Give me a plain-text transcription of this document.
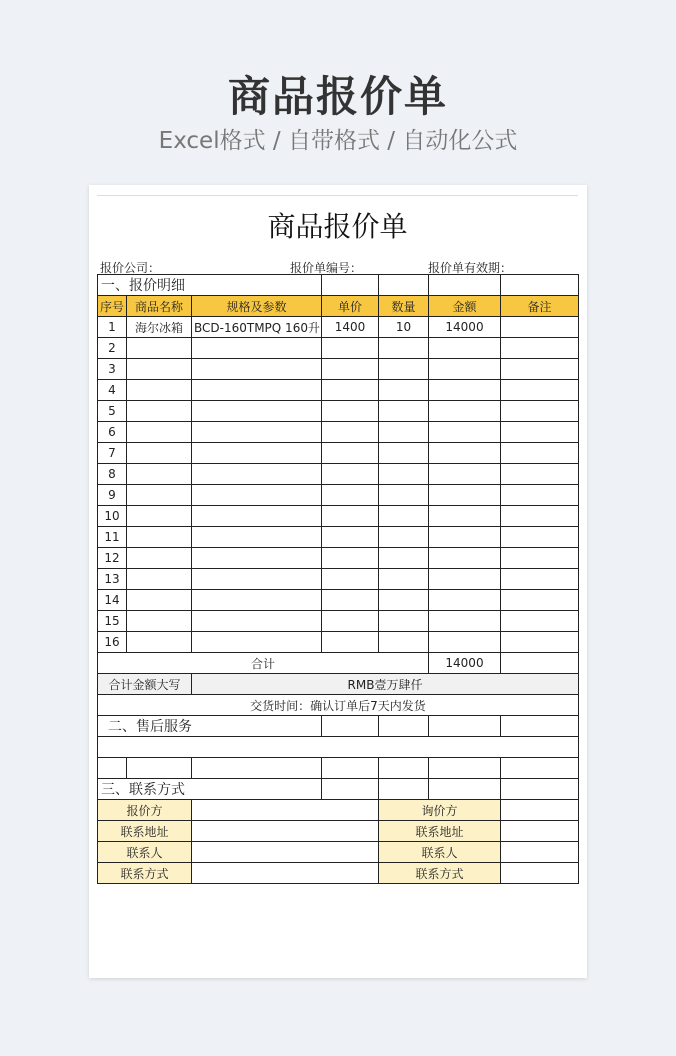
商品报价单
Excel格式 / 自带格式 / 自动化公式
商品报价单
报价公司：	报价单编号：	报价单有效期：
一、报价明细						
序号	商品名称	规格及参数	单价	数量	金额	备注
1	海尔冰箱	BCD-160TMPQ 160升	1400	10	14000	
2						
3						
4						
5						
6						
7						
8						
9						
10						
11						
12						
13						
14						
15						
16						
合计					14000	
合计金额大写		RMB壹万肆仟				
交货时间：确认订单后7天内发货						
二、售后服务						

三、联系方式						
报价方				询价方		
联系地址				联系地址		
联系人				联系人		
联系方式				联系方式		
